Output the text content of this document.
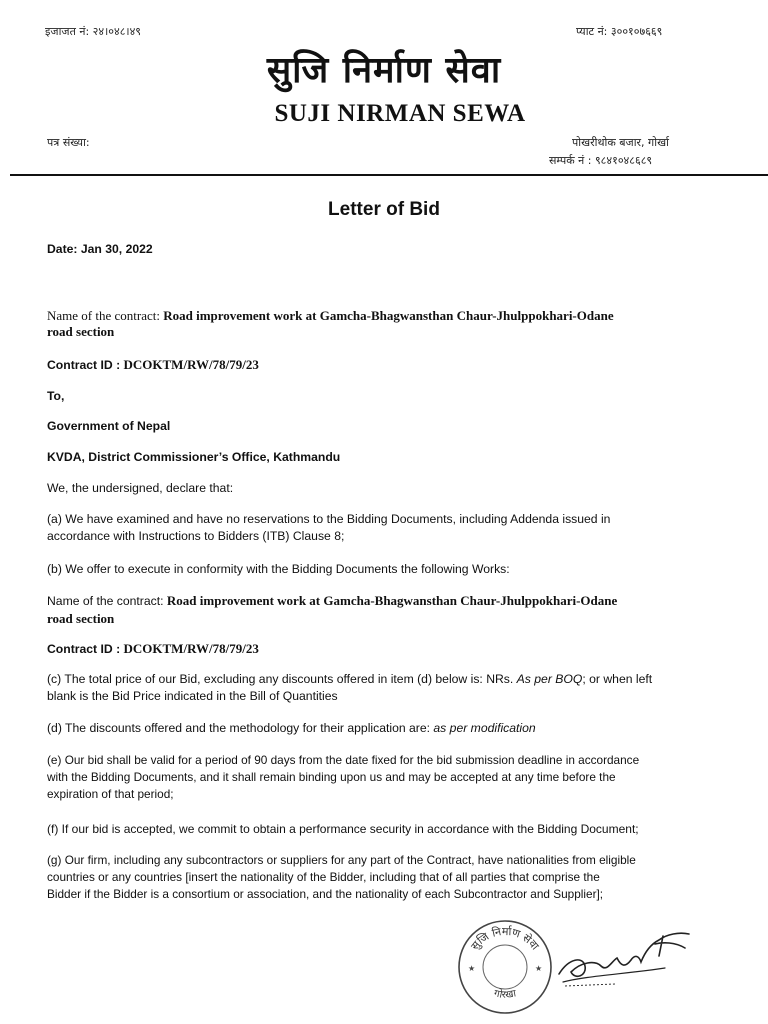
इजाजत नं: २४।०४८।४९	प्याट नं: ३००१०७६६९
सुजि निर्माण सेवा
SUJI NIRMAN SEWA
पत्र संख्या:	पोखरीथोक बजार, गोर्खा
सम्पर्क नं : ९८४१०४८६८९
Letter of Bid
Date: Jan 30, 2022
Name of the contract: Road improvement work at Gamcha-Bhagwansthan Chaur-Jhulppokhari-Odane
road section
Contract ID : DCOKTM/RW/78/79/23
To,
Government of Nepal
KVDA, District Commissioner’s Office, Kathmandu
We, the undersigned, declare that:
(a) We have examined and have no reservations to the Bidding Documents, including Addenda issued in
accordance with Instructions to Bidders (ITB) Clause 8;
(b) We offer to execute in conformity with the Bidding Documents the following Works:
Name of the contract: Road improvement work at Gamcha-Bhagwansthan Chaur-Jhulppokhari-Odane
road section
Contract ID : DCOKTM/RW/78/79/23
(c) The total price of our Bid, excluding any discounts offered in item (d) below is: NRs. As per BOQ; or when left
blank is the Bid Price indicated in the Bill of Quantities
(d) The discounts offered and the methodology for their application are: as per modification
(e) Our bid shall be valid for a period of 90 days from the date fixed for the bid submission deadline in accordance
with the Bidding Documents, and it shall remain binding upon us and may be accepted at any time before the
expiration of that period;
(f) If our bid is accepted, we commit to obtain a performance security in accordance with the Bidding Document;
(g) Our firm, including any subcontractors or suppliers for any part of the Contract, have nationalities from eligible
countries or any countries [insert the nationality of the Bidder, including that of all parties that comprise the
Bidder if the Bidder is a consortium or association, and the nationality of each Subcontractor and Supplier];
सुजि निर्माण सेवा
गोरखा
★	★
